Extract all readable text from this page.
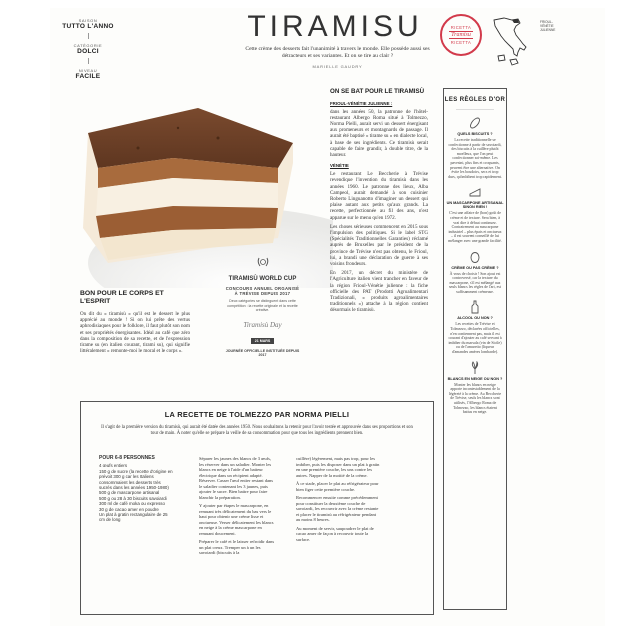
SAISON
TUTTO L'ANNO
CATÉGORIE
DOLCI
NIVEAU
FACILE
TIRAMISU
Cette crème des desserts fait l'unanimité à travers le monde. Elle possède aussi ses détracteurs et ses variantes. Et on se tire au clair ?
MARIELLE GAUDRY
RICETTA
Tramisu
RICETTA
FRIOUL-VÉNÉTIE JULIENNE
BON POUR LE CORPS ET L'ESPRIT
On dit du « tiramisù » qu'il est le dessert le plus apprécié au monde ! Si on lui prête des vertus aphrodisiaques pour le folklore, il faut plutôt son nom et ses propriétés énergisantes. Idéal au café que zéro dans la composition de sa recette, et de l'expression tirame su (en italien courant, tirami su), qui signifie littéralement « remonte-moi le moral et le corps ».
TIRAMISÙ WORLD CUP
CONCOURS ANNUEL ORGANISÉ À TRÉVISE DEPUIS 2017
Deux catégories se distinguent dans cette compétition : la recette originale et la recette créative.
Tiramisù Day
21 MARS
JOURNÉE OFFICIELLE INSTITUÉE DEPUIS 2017
ON SE BAT POUR LE TIRAMISÙ
FRIOUL-VÉNÉTIE JULIENNE :
dans les années 50, la patronne de l'hôtel-restaurant Albergo Roma situé à Tolmezzo, Norma Pielli, aurait servi un dessert énergisant aux promeneurs et montagnards de passage. Il aurait été baptisé « tirame su » en dialecte local, à base de ses ingrédients. Ce tiramisù serait capable de faire grandir, à double titre, de la hauteur.
VÉNÉTIE
Le restaurant Le Beccherie à Trévise revendique l'invention du tiramisù dans les années 1960. Le patronne des lieux, Alba Campeol, aurait demandé à son cuisinier Roberto Linguanotto d'imaginer un dessert qui plaise autant aux petits qu'aux grands. La recette, perfectionnée au fil des ans, n'est apparue sur le menu qu'en 1972.
Les choses sérieuses commencent en 2015 sous l'impulsion des politiques. Si le label STG (Spécialités Traditionnelles Garanties) réclamé auprès de Bruxelles par le président de la province de Trévise n'est pas obtenu, le Frioul, lui, a brandi une déclaration de guerre à ses voisins frondeurs.
En 2017, un décret du ministère de l'Agriculture italien vient trancher en faveur de la région Frioul-Vénétie julienne : la fiche officielle des PAT (Prodotti Agroalimentari Tradizionali, « produits agroalimentaires traditionnels ») attache à la région contient désormais le tiramisù.
LES RÈGLES D'OR
QUELS BISCUITS ?
La recette traditionnelle se confectionne à partir de savoiardi, des biscuits à la cuillère plutôt moelleux, que l'on peut confectionner soi-même. Les pavesini, plus fins et croquants, peuvent être une alternative. On évite les boudoirs, secs et trop durs, qu'imbibent trop rapidement.
UN MASCARPONE ARTISANAL SINON RIEN !
C'est une affaire de (bon) goût de crème et de texture. Sera bien, à vrai dire à défaut continuez. Contrairement au mascarpone industriel – plus épais et onctueux – il est souvent conseillé de lui mélanger avec une grande facilité.
CRÈME OU PAS CRÈME ?
À vous de choisir ! Son ajout est controversé, car la texture du mascarpone, s'il est mélangé aux seuls blancs les règles de l'art, est suffisamment crémeuse.
ALCOOL OU NON ?
Les recettes de Trévise et Tolmezzo, déclarées officielles, n'en contiennent pas, mais il est courant d'ajouter au café servant à imbiber du marsala (vin de Sicile) ou de l'amaretto (liqueur d'amandes amères lombarde).
BLANCS EN NEIGE OU NON ?
Monter les blancs en neige apporte incontestablement de la légèreté à la crème. Au Beccherie de Trévise, seuls les blancs sont utilisés, l'Albergo Roma de Tolmezzo, les blancs étaient battus en neige.
LA RECETTE DE TOLMEZZO PAR NORMA PIELLI
Il s'agit de la première version du tiramisù, qui aurait été datée des années 1950. Nous souhaitons la retenir pour l'avoir testée et approuvée dans ses proportions et son tour de main. À noter qu'elle se prépare la veille de sa consommation pour que tous les ingrédients prennent bien.
POUR 6-8 PERSONNES
4 œufs entiers
150 g de sucre (la recette d'origine en prévoit 300 g car les Italiens consommaient les desserts très sucrés dans les années 1950-1980)
500 g de mascarpone artisanal
500 g ou 28 à 30 biscuits savoiardi
300 ml de café moka ou expresso
30 g de cacao amer en poudre
Un plat à gratin rectangulaire de 25 cm de long

Séparer les jaunes des blancs de 3 œufs, les réserver dans un saladier. Monter les blancs en neige à l'aide d'un batteur électrique dans un récipient adapté. Réserver. Casser l'œuf entier restant dans le saladier contenant les 3 jaunes, puis ajouter le sucre. Bien battre pour faire blanchir la préparation.

Y ajouter par étapes le mascarpone, en remuant très délicatement du bas vers le haut pour obtenir une crème lisse et onctueuse. Verser délicatement les blancs en neige à la crème mascarpone en remuant doucement.

Préparer le café et le laisser refroidir dans un plat creux. Tremper un à un les savoiardi (biscuits à la

cuillère) légèrement, mais pas trop, pour les imbiber, puis les disposer dans un plat à gratin en une première couche, les uns contre les autres. Napper de la moitié de la crème.

À ce stade, placer le plat au réfrigérateur pour bien figer cette première couche.

Recommencer ensuite comme précédemment pour constituer la deuxième couche de savoiardi, les recouvrir avec la crème restante et placer le tiramisù au réfrigérateur pendant au moins 8 heures.

Au moment de servir, saupoudrer le plat de cacao amer de façon à recouvrir toute la surface.
